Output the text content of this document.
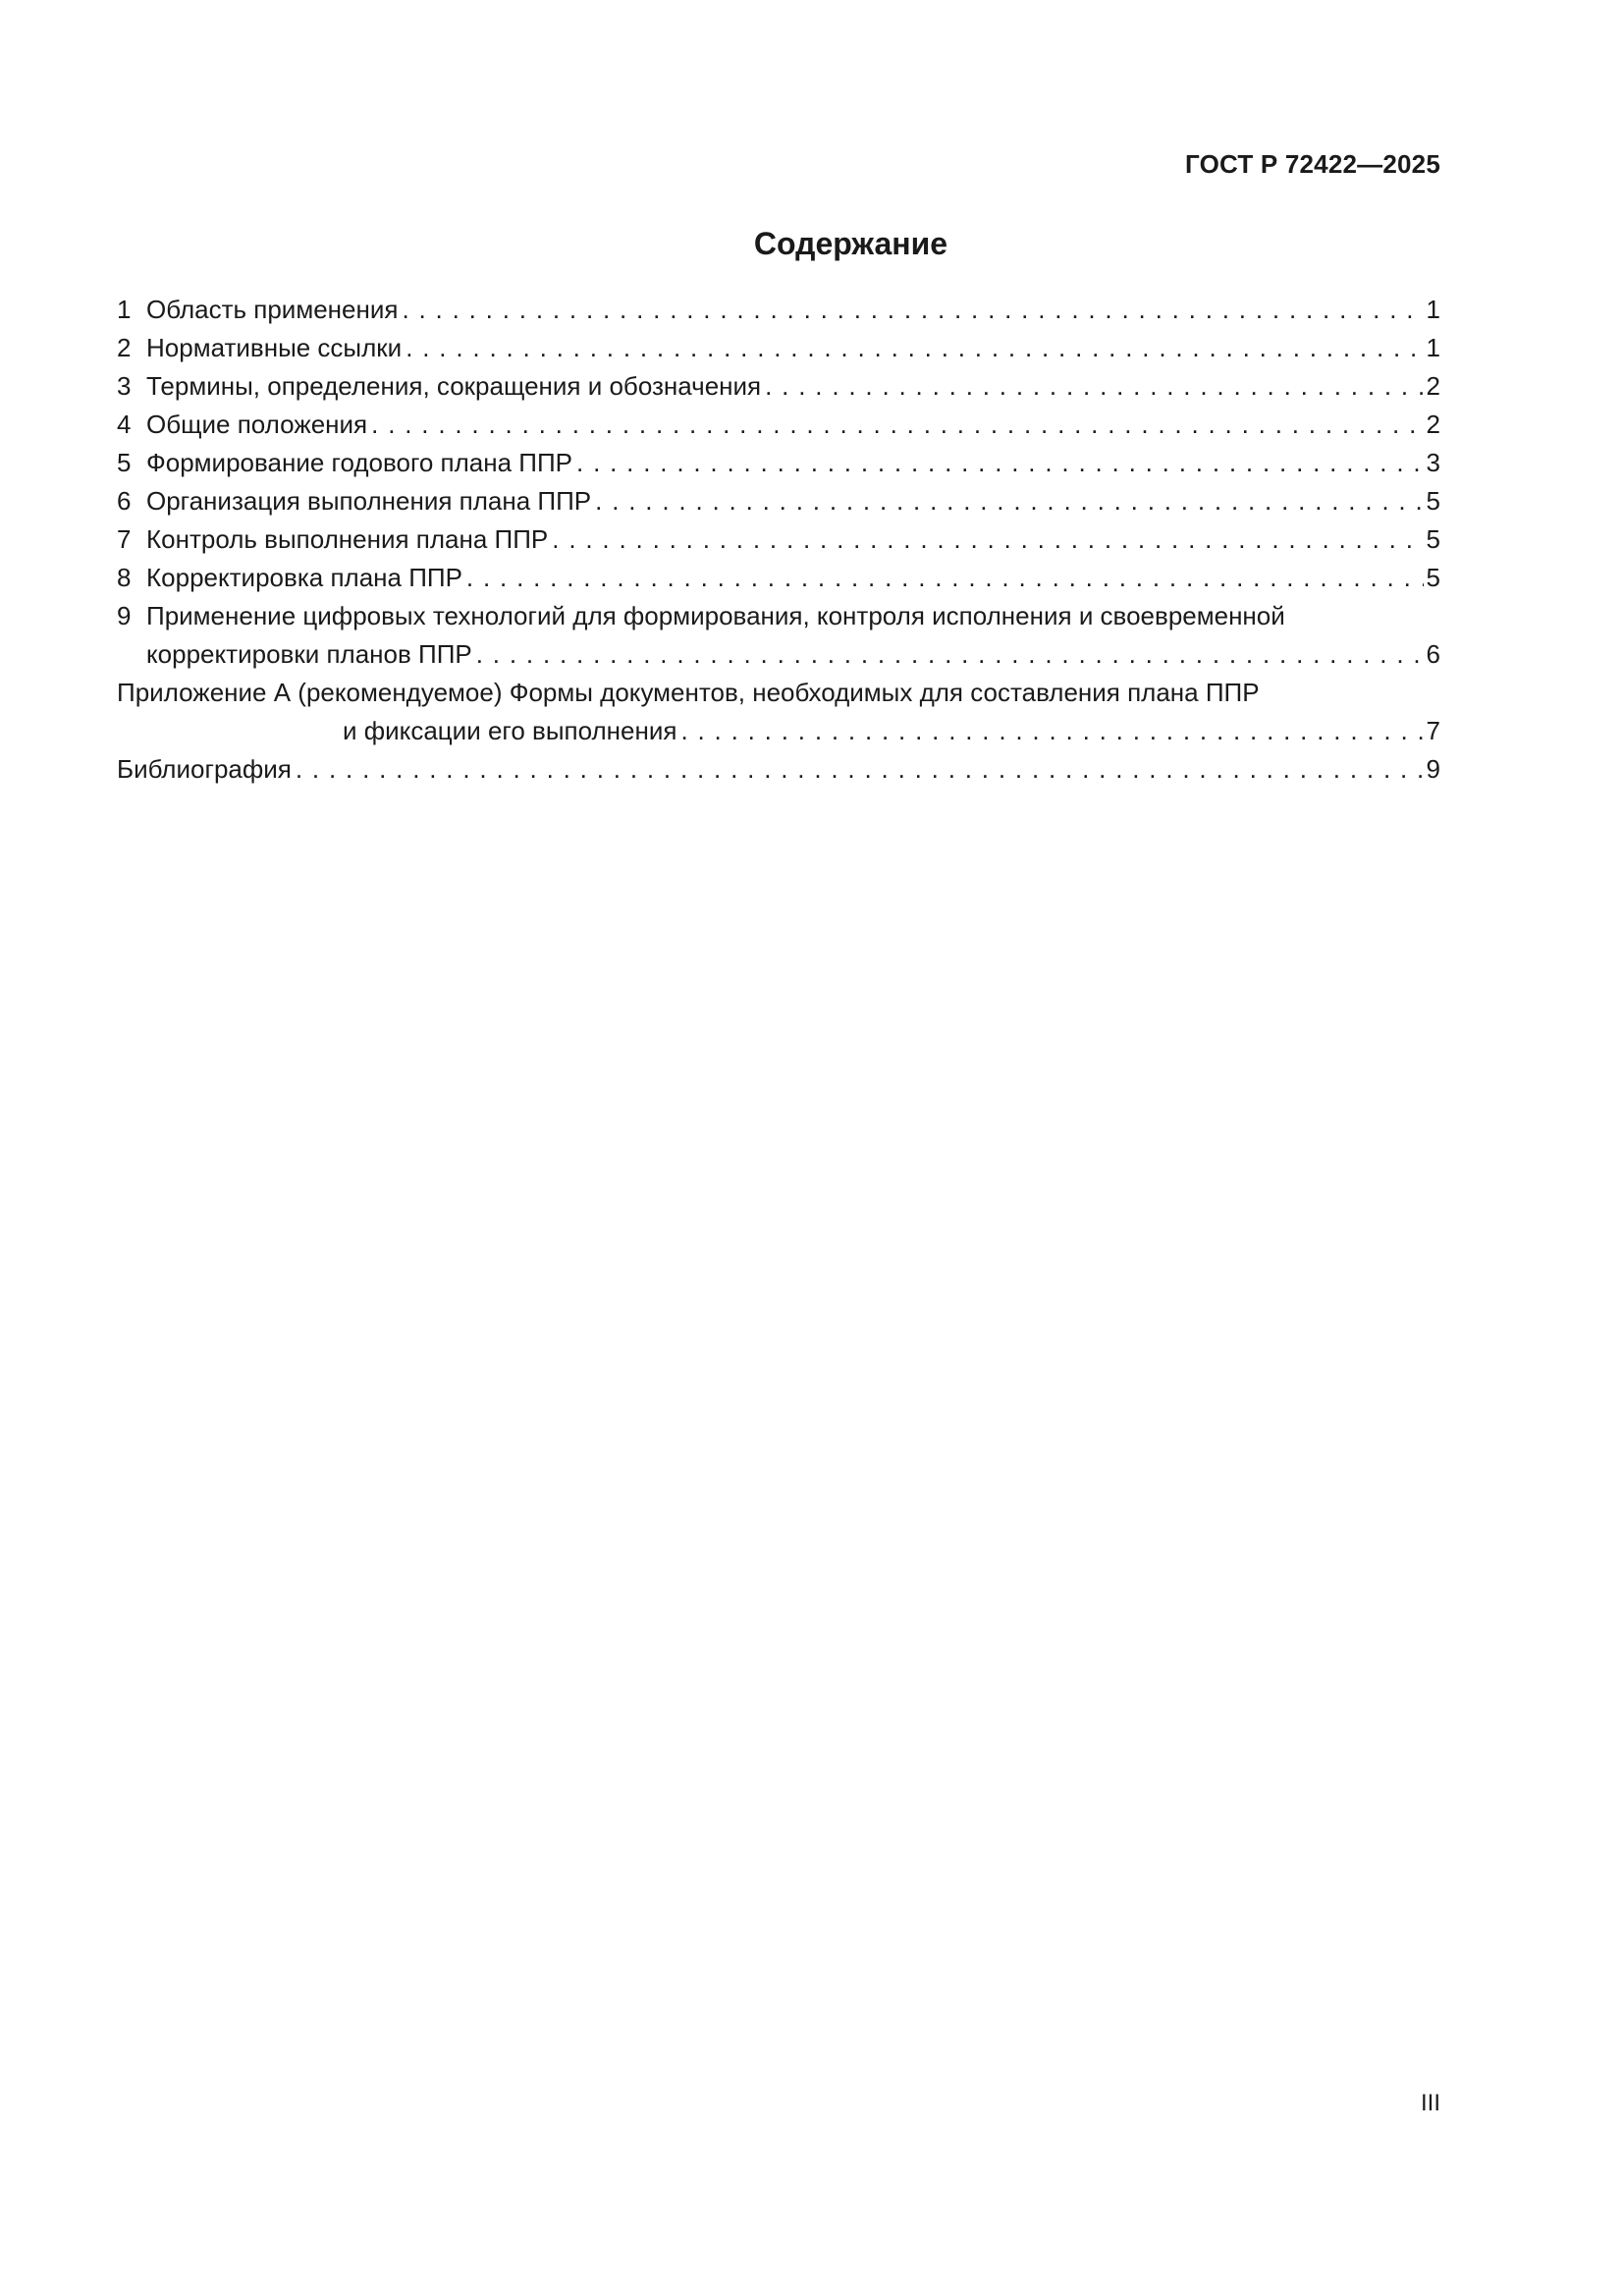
ГОСТ Р 72422—2025
Содержание
1 Область применения . . .	1
2 Нормативные ссылки . . .	1
3 Термины, определения, сокращения и обозначения . . .	2
4 Общие положения . . .	2
5 Формирование годового плана ППР . . .	3
6 Организация выполнения плана ППР . . .	5
7 Контроль выполнения плана ППР . . .	5
8 Корректировка плана ППР . . .	5
9 Применение цифровых технологий для формирования, контроля исполнения и своевременной
корректировки планов ППР . . .	6
Приложение А (рекомендуемое) Формы документов, необходимых для составления плана ППР
и фиксации его выполнения . . .	7
Библиография . . .	9
III
